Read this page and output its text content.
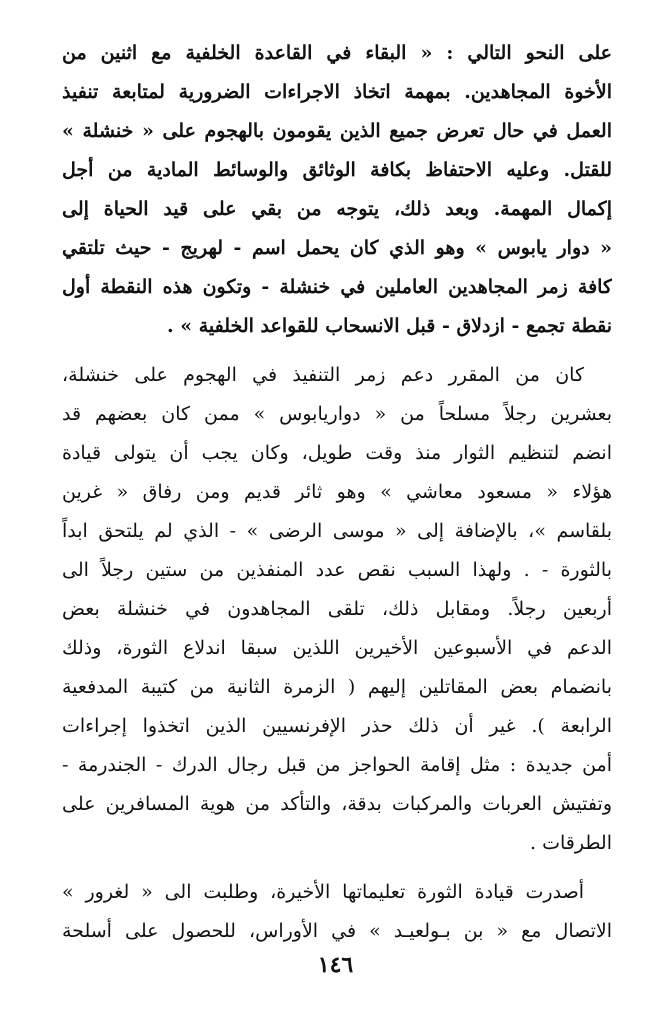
على النحو التالي : « البقاء في القاعدة الخلفية مع اثنين من
الأخوة المجاهدين. بمهمة اتخاذ الاجراءات الضرورية لمتابعة تنفيذ
العمل في حال تعرض جميع الذين يقومون بالهجوم على « خنشلة »
للقتل. وعليه الاحتفاظ بكافة الوثائق والوسائط المادية من أجل
إكمال المهمة. وبعد ذلك، يتوجه من بقي على قيد الحياة إلى
« دوار يابوس » وهو الذي كان يحمل اسم - لهريج - حيث تلتقي
كافة زمر المجاهدين العاملين في خنشلة - وتكون هذه النقطة أول
نقطة تجمع - ازدلاق - قبل الانسحاب للقواعد الخلفية » .
كان من المقرر دعم زمر التنفيذ في الهجوم على خنشلة،
بعشرين رجلاً مسلحاً من « دواريابوس » ممن كان بعضهم قد
انضم لتنظيم الثوار منذ وقت طويل، وكان يجب أن يتولى قيادة
هؤلاء « مسعود معاشي » وهو ثائر قديم ومن رفاق « غرين
بلقاسم »، بالإضافة إلى « موسى الرضى » - الذي لم يلتحق ابداً
بالثورة - . ولهذا السبب نقص عدد المنفذين من ستين رجلاً الى
أربعين رجلاً. ومقابل ذلك، تلقى المجاهدون في خنشلة بعض
الدعم في الأسبوعين الأخيرين اللذين سبقا اندلاع الثورة، وذلك
بانضمام بعض المقاتلين إليهم ( الزمرة الثانية من كتيبة المدفعية
الرابعة ). غير أن ذلك حذر الإفرنسيين الذين اتخذوا إجراءات
أمن جديدة : مثل إقامة الحواجز من قبل رجال الدرك - الجندرمة -
وتفتيش العربات والمركبات بدقة، والتأكد من هوية المسافرين على
الطرقات .
أصدرت قيادة الثورة تعليماتها الأخيرة، وطلبت الى « لغرور »
الاتصال مع « بن بـولعيـد » في الأوراس، للحصول على أسلحة
١٤٦
